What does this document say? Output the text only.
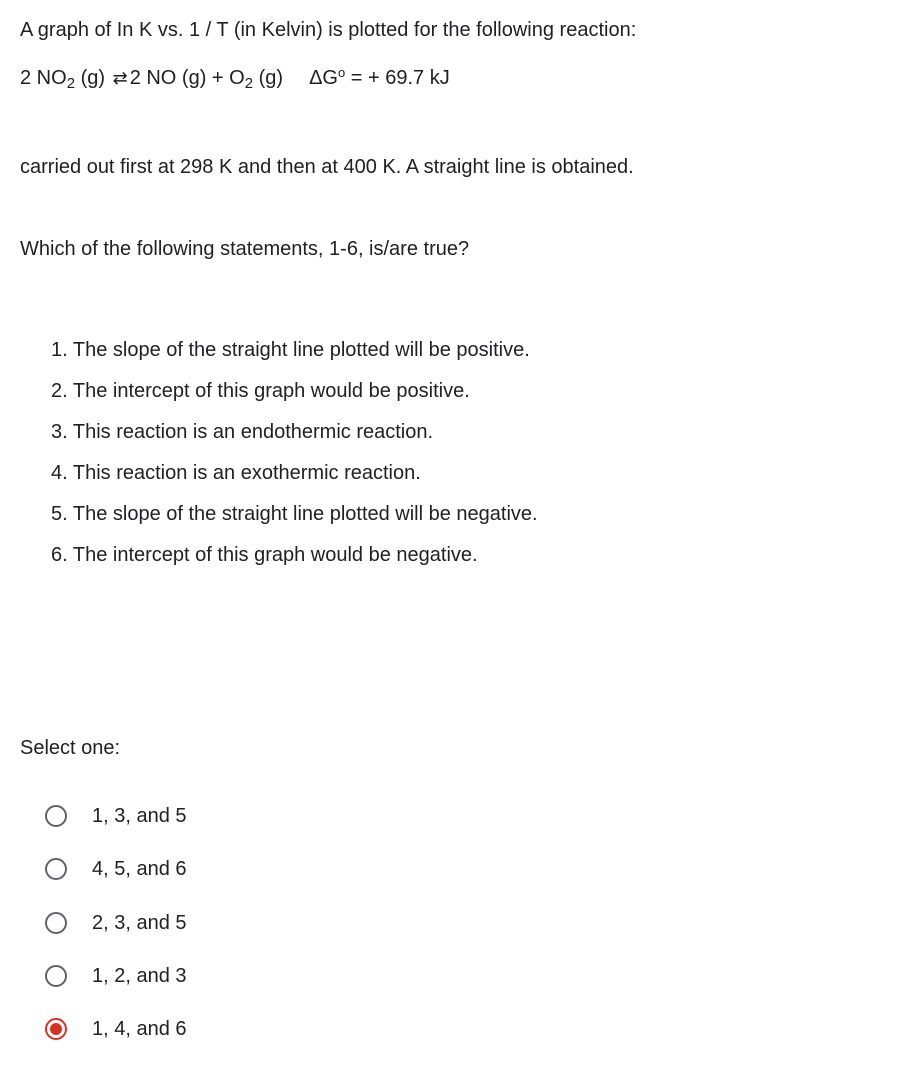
A graph of In K vs. 1 / T (in Kelvin) is plotted for the following reaction:
2 $NO_2$ (g) ⇄ 2 NO $(g) + O_2$ (g) $\Delta G^o$ = + 69.7 kJ
carried out first at 298 K and then at 400 K. A straight line is obtained.
Which of the following statements, 1-6, is/are true?
1. The slope of the straight line plotted will be positive.
2. The intercept of this graph would be positive.
3. This reaction is an endothermic reaction.
4. This reaction is an exothermic reaction.
5. The slope of the straight line plotted will be negative.
6. The intercept of this graph would be negative.
Select one:
1, 3, and 5
4, 5, and 6
2, 3, and 5
1, 2, and 3
1, 4, and 6
